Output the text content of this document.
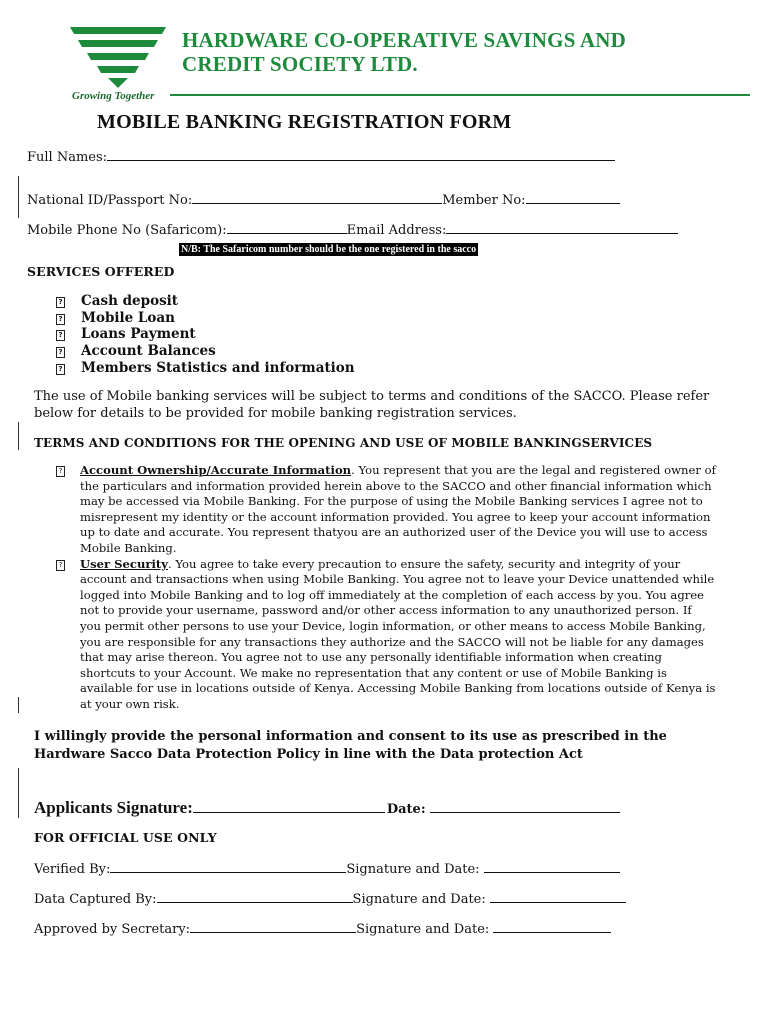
HARDWARE CO-OPERATIVE SAVINGS AND
CREDIT SOCIETY LTD.
Growing Together
MOBILE BANKING REGISTRATION FORM
Full Names:
National ID/Passport No:	Member No:
Mobile Phone No (Safaricom):	Email Address:
N/B: The Safaricom number should be the one registered in the sacco
SERVICES OFFERED
? Cash deposit
? Mobile Loan
? Loans Payment
? Account Balances
? Members Statistics and information
The use of Mobile banking services will be subject to terms and conditions of the SACCO. Please refer below for details to be provided for mobile banking registration services.
TERMS AND CONDITIONS FOR THE OPENING AND USE OF MOBILE BANKINGSERVICES
? Account Ownership/Accurate Information. You represent that you are the legal and registered owner of the particulars and information provided herein above to the SACCO and other financial information which may be accessed via Mobile Banking. For the purpose of using the Mobile Banking services I agree not to misrepresent my identity or the account information provided. You agree to keep your account information up to date and accurate. You represent thatyou are an authorized user of the Device you will use to access Mobile Banking.
? User Security. You agree to take every precaution to ensure the safety, security and integrity of your account and transactions when using Mobile Banking. You agree not to leave your Device unattended while logged into Mobile Banking and to log off immediately at the completion of each access by you. You agree not to provide your username, password and/or other access information to any unauthorized person. If you permit other persons to use your Device, login information, or other means to access Mobile Banking, you are responsible for any transactions they authorize and the SACCO will not be liable for any damages that may arise thereon. You agree not to use any personally identifiable information when creating shortcuts to your Account. We make no representation that any content or use of Mobile Banking is available for use in locations outside of Kenya. Accessing Mobile Banking from locations outside of Kenya is at your own risk.
I willingly provide the personal information and consent to its use as prescribed in the Hardware Sacco Data Protection Policy in line with the Data protection Act
Applicants Signature:	Date:
FOR OFFICIAL USE ONLY
Verified By:	Signature and Date:
Data Captured By:	Signature and Date:
Approved by Secretary:	Signature and Date:
